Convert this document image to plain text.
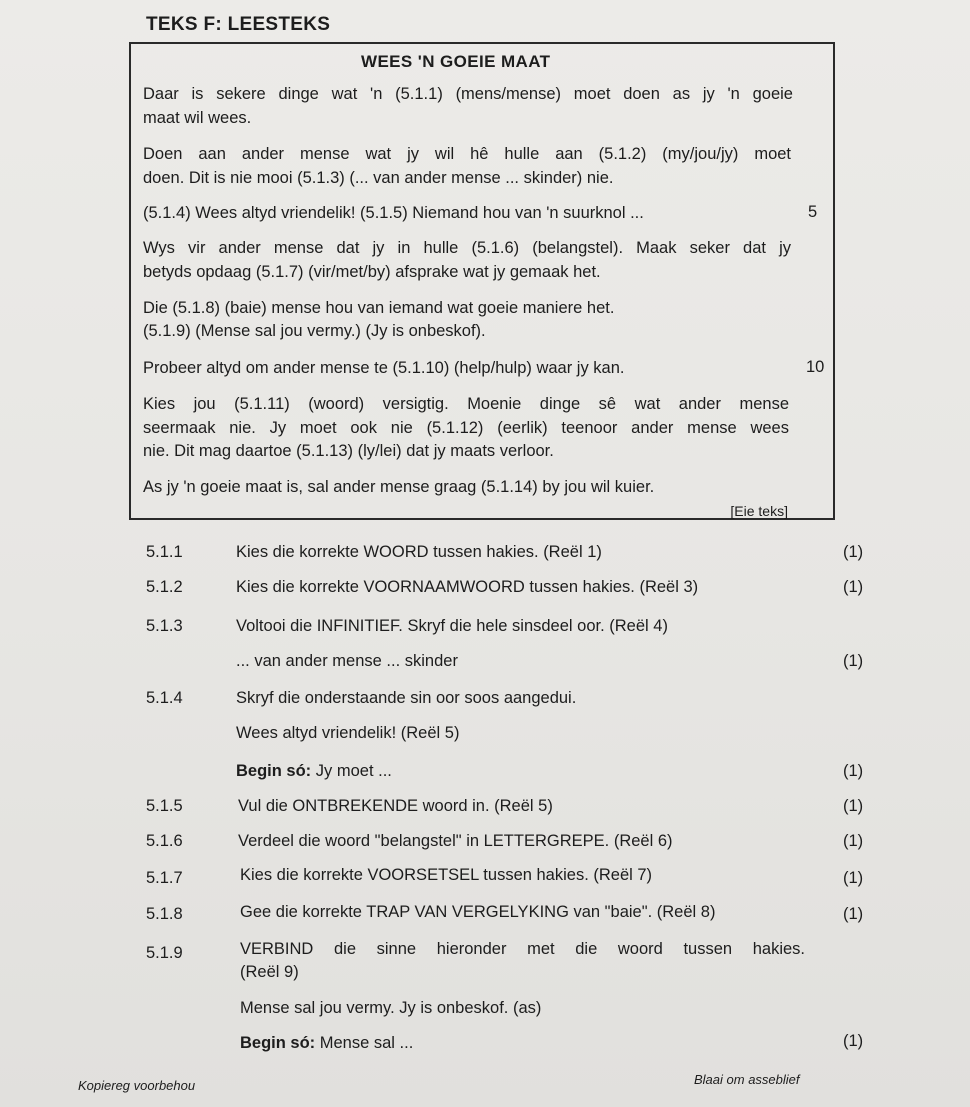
TEKS F: LEESTEKS
WEES 'N GOEIE MAAT
Daar is sekere dinge wat 'n (5.1.1) (mens/mense) moet doen as jy 'n goeie
maat wil wees.
Doen aan ander mense wat jy wil hê hulle aan (5.1.2) (my/jou/jy) moet
doen. Dit is nie mooi (5.1.3) (... van ander mense ... skinder) nie.
(5.1.4) Wees altyd vriendelik! (5.1.5) Niemand hou van 'n suurknol ...	5
Wys vir ander mense dat jy in hulle (5.1.6) (belangstel). Maak seker dat jy
betyds opdaag (5.1.7) (vir/met/by) afsprake wat jy gemaak het.
Die (5.1.8) (baie) mense hou van iemand wat goeie maniere het.
(5.1.9) (Mense sal jou vermy.) (Jy is onbeskof).
Probeer altyd om ander mense te (5.1.10) (help/hulp) waar jy kan.	10
Kies jou (5.1.11) (woord) versigtig. Moenie dinge sê wat ander mense
seermaak nie. Jy moet ook nie (5.1.12) (eerlik) teenoor ander mense wees
nie. Dit mag daartoe (5.1.13) (ly/lei) dat jy maats verloor.
As jy 'n goeie maat is, sal ander mense graag (5.1.14) by jou wil kuier.
[Eie teks]
5.1.1	Kies die korrekte WOORD tussen hakies. (Reël 1)	(1)
5.1.2	Kies die korrekte VOORNAAMWOORD tussen hakies. (Reël 3)	(1)
5.1.3	Voltooi die INFINITIEF. Skryf die hele sinsdeel oor. (Reël 4)
... van ander mense ... skinder	(1)
5.1.4	Skryf die onderstaande sin oor soos aangedui.
Wees altyd vriendelik! (Reël 5)
Begin só: Jy moet ...	(1)
5.1.5	Vul die ONTBREKENDE woord in. (Reël 5)	(1)
5.1.6	Verdeel die woord "belangstel" in LETTERGREPE. (Reël 6)	(1)
5.1.7	Kies die korrekte VOORSETSEL tussen hakies. (Reël 7)	(1)
5.1.8	Gee die korrekte TRAP VAN VERGELYKING van "baie". (Reël 8)	(1)
5.1.9	VERBIND die sinne hieronder met die woord tussen hakies.
(Reël 9)
Mense sal jou vermy. Jy is onbeskof. (as)
Begin só: Mense sal ...	(1)
Kopiereg voorbehou	Blaai om asseblief
